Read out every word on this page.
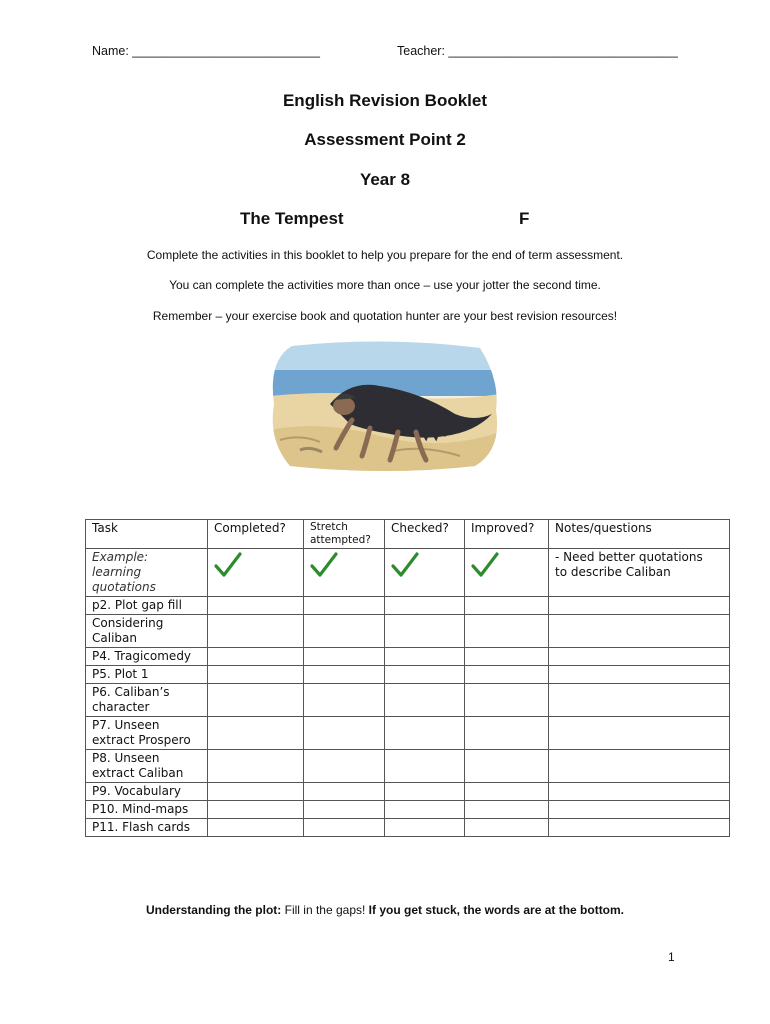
Name: ___________________________	Teacher: _________________________________
English Revision Booklet
Assessment Point 2
Year 8
The Tempest	F
Complete the activities in this booklet to help you prepare for the end of term assessment.
You can complete the activities more than once – use your jotter the second time.
Remember – your exercise book and quotation hunter are your best revision resources!
Task	Completed?	Stretch attempted?	Checked?	Improved?	Notes/questions
Example: learning quotations					- Need better quotations
to describe Caliban
p2. Plot gap fill					
Considering Caliban					
P4. Tragicomedy					
P5. Plot 1					
P6. Caliban’s character					
P7. Unseen extract Prospero					
P8. Unseen extract Caliban					
P9. Vocabulary					
P10. Mind-maps					
P11. Flash cards					
Understanding the plot: Fill in the gaps! If you get stuck, the words are at the bottom.
1
